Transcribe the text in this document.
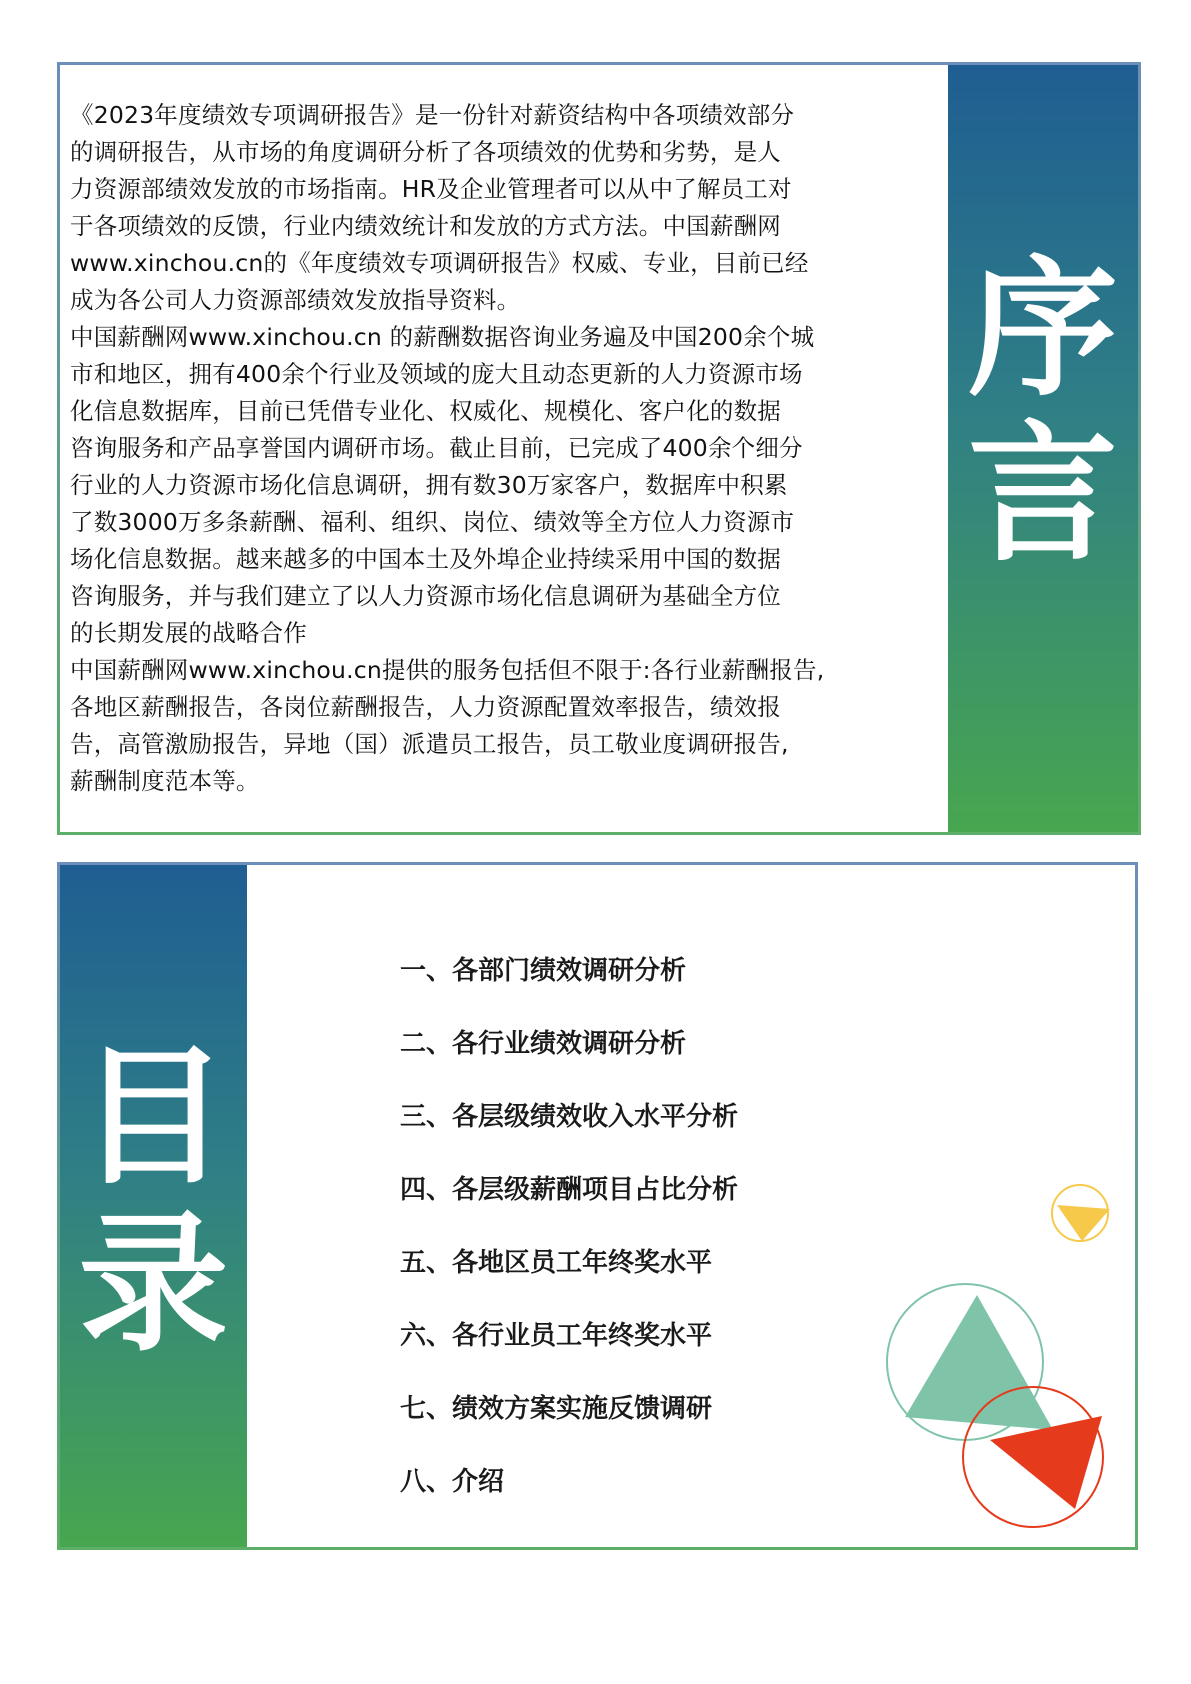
《2023年度绩效专项调研报告》是一份针对薪资结构中各项绩效部分
的调研报告，从市场的角度调研分析了各项绩效的优势和劣势，是人
力资源部绩效发放的市场指南。HR及企业管理者可以从中了解员工对
于各项绩效的反馈，行业内绩效统计和发放的方式方法。中国薪酬网
www.xinchou.cn的《年度绩效专项调研报告》权威、专业，目前已经
成为各公司人力资源部绩效发放指导资料。

中国薪酬网www.xinchou.cn 的薪酬数据咨询业务遍及中国200余个城
市和地区，拥有400余个行业及领域的庞大且动态更新的人力资源市场
化信息数据库，目前已凭借专业化、权威化、规模化、客户化的数据
咨询服务和产品享誉国内调研市场。截止目前，已完成了400余个细分
行业的人力资源市场化信息调研，拥有数30万家客户，数据库中积累
了数3000万多条薪酬、福利、组织、岗位、绩效等全方位人力资源市
场化信息数据。越来越多的中国本土及外埠企业持续采用中国的数据
咨询服务，并与我们建立了以人力资源市场化信息调研为基础全方位
的长期发展的战略合作

中国薪酬网www.xinchou.cn提供的服务包括但不限于:各行业薪酬报告,
各地区薪酬报告，各岗位薪酬报告，人力资源配置效率报告，绩效报
告，高管激励报告，异地（国）派遣员工报告，员工敬业度调研报告,
薪酬制度范本等。

序
言
目
录
一、各部门绩效调研分析
二、各行业绩效调研分析
三、各层级绩效收入水平分析
四、各层级薪酬项目占比分析
五、各地区员工年终奖水平
六、各行业员工年终奖水平
七、绩效方案实施反馈调研
八、介绍
